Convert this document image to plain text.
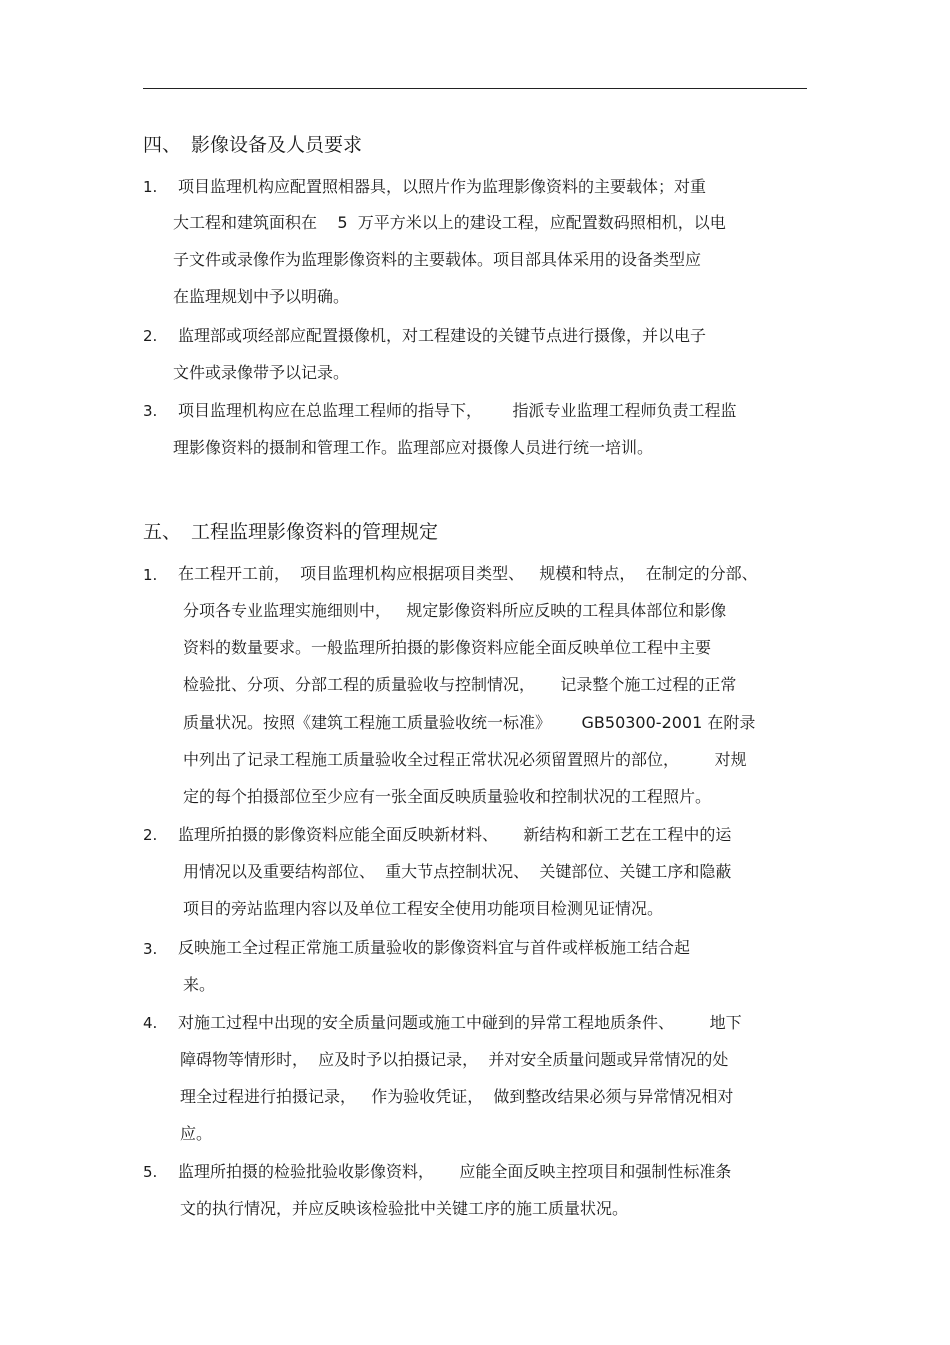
四、 影像设备及人员要求
1. 项目监理机构应配置照相器具，以照片作为监理影像资料的主要载体；对重
大工程和建筑面积在    5  万平方米以上的建设工程，应配置数码照相机，以电
子文件或录像作为监理影像资料的主要载体。项目部具体采用的设备类型应
在监理规划中予以明确。
2. 监理部或项经部应配置摄像机，对工程建设的关键节点进行摄像，并以电子
文件或录像带予以记录。
3. 项目监理机构应在总监理工程师的指导下，      指派专业监理工程师负责工程监
理影像资料的摄制和管理工作。监理部应对摄像人员进行统一培训。
五、 工程监理影像资料的管理规定
1. 在工程开工前，  项目监理机构应根据项目类型、   规模和特点，  在制定的分部、
分项各专业监理实施细则中，   规定影像资料所应反映的工程具体部位和影像
资料的数量要求。一般监理所拍摄的影像资料应能全面反映单位工程中主要
检验批、分项、分部工程的质量验收与控制情况，     记录整个施工过程的正常
质量状况。按照《建筑工程施工质量验收统一标准》      GB50300-2001 在附录
中列出了记录工程施工质量验收全过程正常状况必须留置照片的部位，       对规
定的每个拍摄部位至少应有一张全面反映质量验收和控制状况的工程照片。
2. 监理所拍摄的影像资料应能全面反映新材料、     新结构和新工艺在工程中的运
用情况以及重要结构部位、  重大节点控制状况、  关键部位、关键工序和隐蔽
项目的旁站监理内容以及单位工程安全使用功能项目检测见证情况。
3. 反映施工全过程正常施工质量验收的影像资料宜与首件或样板施工结合起
来。
4. 对施工过程中出现的安全质量问题或施工中碰到的异常工程地质条件、       地下
障碍物等情形时，  应及时予以拍摄记录，  并对安全质量问题或异常情况的处
理全过程进行拍摄记录，   作为验收凭证，  做到整改结果必须与异常情况相对
应。
5. 监理所拍摄的检验批验收影像资料，     应能全面反映主控项目和强制性标准条
文的执行情况，并应反映该检验批中关键工序的施工质量状况。
